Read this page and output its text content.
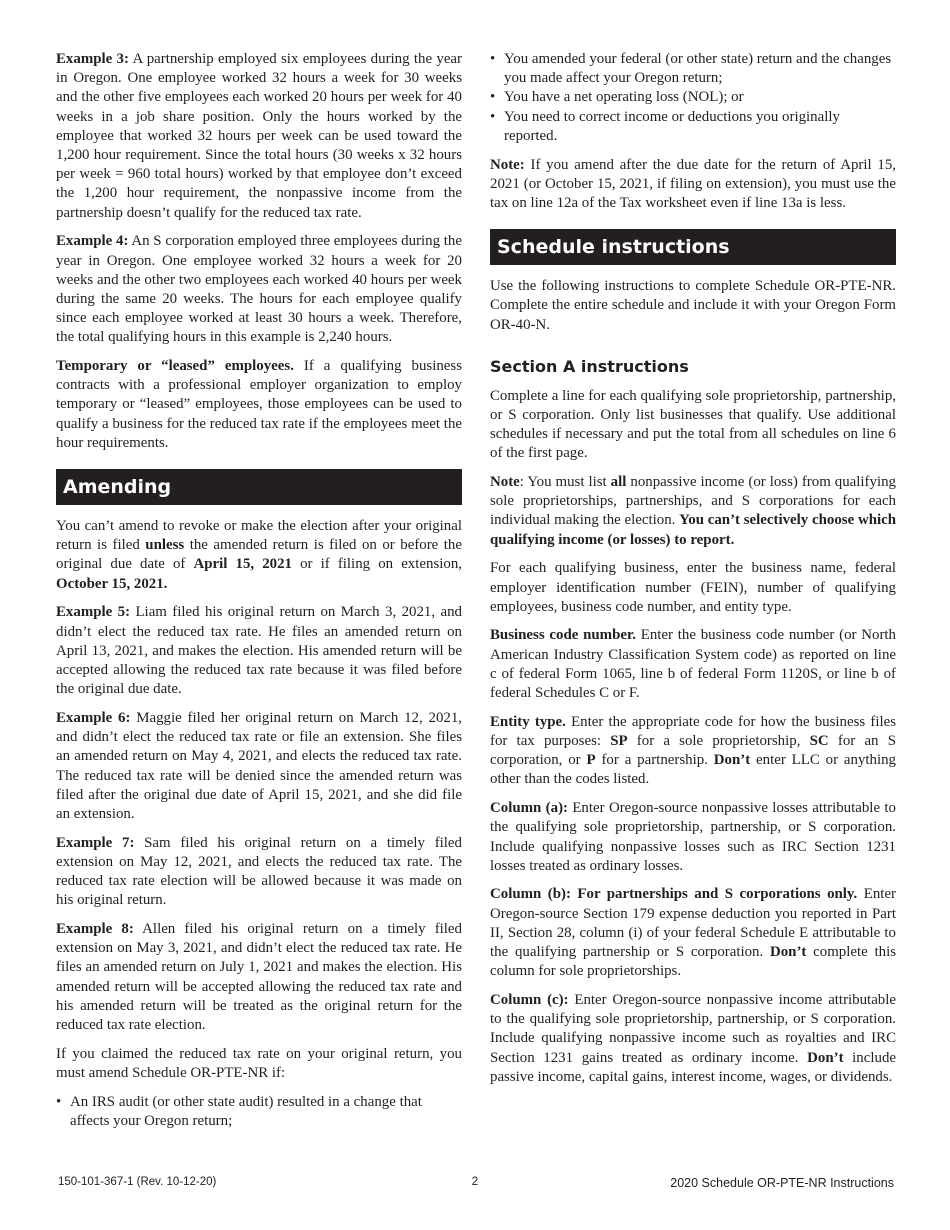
Example 3: A partnership employed six employees during the year in Oregon. One employee worked 32 hours a week for 30 weeks and the other five employees each worked 20 hours per week for 40 weeks in a job share position. Only the hours worked by the employee that worked 32 hours per week can be used toward the 1,200 hour requirement. Since the total hours (30 weeks x 32 hours per week = 960 total hours) worked by that employee don’t exceed the 1,200 hour requirement, the nonpassive income from the partnership doesn’t qualify for the reduced tax rate.

Example 4: An S corporation employed three employees during the year in Oregon. One employee worked 32 hours a week for 20 weeks and the other two employees each worked 40 hours per week during the same 20 weeks. The hours for each employee qualify since each employee worked at least 30 hours a week. Therefore, the total qualifying hours in this example is 2,240 hours.

Temporary or “leased” employees. If a qualifying business contracts with a professional employer organization to employ temporary or “leased” employees, those employees can be used to qualify a business for the reduced tax rate if the employees meet the hour requirements.

Amending

You can’t amend to revoke or make the election after your original return is filed unless the amended return is filed on or before the original due date of April 15, 2021 or if filing on extension, October 15, 2021.

Example 5: Liam filed his original return on March 3, 2021, and didn’t elect the reduced tax rate. He files an amended return on April 13, 2021, and makes the election. His amended return will be accepted allowing the reduced tax rate because it was filed before the original due date.

Example 6: Maggie filed her original return on March 12, 2021, and didn’t elect the reduced tax rate or file an extension. She files an amended return on May 4, 2021, and elects the reduced tax rate. The reduced tax rate will be denied since the amended return was filed after the original due date of April 15, 2021, and she did file an extension.

Example 7: Sam filed his original return on a timely filed extension on May 12, 2021, and elects the reduced tax rate. The reduced tax rate election will be allowed because it was made on his original return.

Example 8: Allen filed his original return on a timely filed extension on May 3, 2021, and didn’t elect the reduced tax rate. He files an amended return on July 1, 2021 and makes the election. His amended return will be accepted allowing the reduced tax rate and his amended return will be treated as the original return for the reduced tax rate election.

If you claimed the reduced tax rate on your original return, you must amend Schedule OR-PTE-NR if:

• An IRS audit (or other state audit) resulted in a change that affects your Oregon return;
• You amended your federal (or other state) return and the changes you made affect your Oregon return;
• You have a net operating loss (NOL); or
• You need to correct income or deductions you originally reported.

Note: If you amend after the due date for the return of April 15, 2021 (or October 15, 2021, if filing on extension), you must use the tax on line 12a of the Tax worksheet even if line 13a is less.

Schedule instructions

Use the following instructions to complete Schedule OR-PTE-NR. Complete the entire schedule and include it with your Oregon Form OR-40-N.

Section A instructions

Complete a line for each qualifying sole proprietorship, partnership, or S corporation. Only list businesses that qualify. Use additional schedules if necessary and put the total from all schedules on line 6 of the first page.

Note: You must list all nonpassive income (or loss) from qualifying sole proprietorships, partnerships, and S corporations for each individual making the election. You can’t selectively choose which qualifying income (or losses) to report.

For each qualifying business, enter the business name, federal employer identification number (FEIN), number of qualifying employees, business code number, and entity type.

Business code number. Enter the business code number (or North American Industry Classification System code) as reported on line c of federal Form 1065, line b of federal Form 1120S, or line b of federal Schedules C or F.

Entity type. Enter the appropriate code for how the business files for tax purposes: SP for a sole proprietorship, SC for an S corporation, or P for a partnership. Don’t enter LLC or anything other than the codes listed.

Column (a): Enter Oregon-source nonpassive losses attributable to the qualifying sole proprietorship, partnership, or S corporation. Include qualifying nonpassive losses such as IRC Section 1231 losses treated as ordinary losses.

Column (b): For partnerships and S corporations only. Enter Oregon-source Section 179 expense deduction you reported in Part II, Section 28, column (i) of your federal Schedule E attributable to the qualifying partnership or S corporation. Don’t complete this column for sole proprietorships.

Column (c): Enter Oregon-source nonpassive income attributable to the qualifying sole proprietorship, partnership, or S corporation. Include qualifying nonpassive income such as royalties and IRC Section 1231 gains treated as ordinary income. Don’t include passive income, capital gains, interest income, wages, or dividends.

150-101-367-1 (Rev. 10-12-20)	2	2020 Schedule OR-PTE-NR Instructions
